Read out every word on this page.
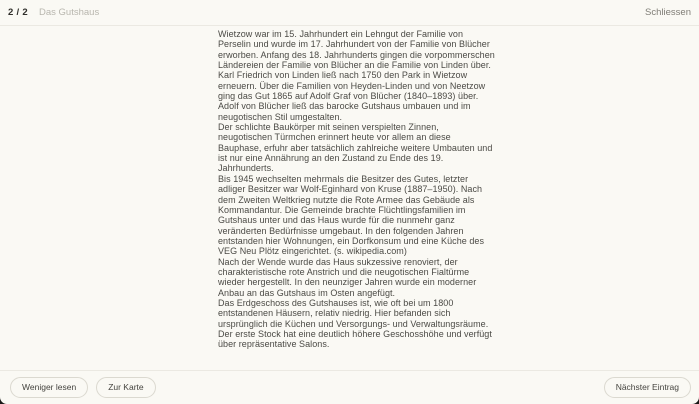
2 / 2 Das Gutshaus	Schliessen

Wietzow war im 15. Jahrhundert ein Lehngut der Familie von Perselin und wurde im 17. Jahrhundert von der Familie von Blücher erworben. Anfang des 18. Jahrhunderts gingen die vorpommerschen Ländereien der Familie von Blücher an die Familie von Linden über. Karl Friedrich von Linden ließ nach 1750 den Park in Wietzow erneuern. Über die Familien von Heyden-Linden und von Neetzow ging das Gut 1865 auf Adolf Graf von Blücher (1840–1893) über. Adolf von Blücher ließ das barocke Gutshaus umbauen und im neugotischen Stil umgestalten.

Der schlichte Baukörper mit seinen verspielten Zinnen, neugotischen Türmchen erinnert heute vor allem an diese Bauphase, erfuhr aber tatsächlich zahlreiche weitere Umbauten und ist nur eine Annährung an den Zustand zu Ende des 19. Jahrhunderts.

Bis 1945 wechselten mehrmals die Besitzer des Gutes, letzter adliger Besitzer war Wolf-Eginhard von Kruse (1887–1950). Nach dem Zweiten Weltkrieg nutzte die Rote Armee das Gebäude als Kommandantur. Die Gemeinde brachte Flüchtlingsfamilien im Gutshaus unter und das Haus wurde für die nunmehr ganz veränderten Bedürfnisse umgebaut. In den folgenden Jahren entstanden hier Wohnungen, ein Dorfkonsum und eine Küche des VEG Neu Plötz eingerichtet. (s. wikipedia.com)

Nach der Wende wurde das Haus sukzessive renoviert, der charakteristische rote Anstrich und die neugotischen Fialtürme wieder hergestellt. In den neunziger Jahren wurde ein moderner Anbau an das Gutshaus im Osten angefügt.

Das Erdgeschoss des Gutshauses ist, wie oft bei um 1800 entstandenen Häusern, relativ niedrig. Hier befanden sich ursprünglich die Küchen und Versorgungs- und Verwaltungsräume. Der erste Stock hat eine deutlich höhere Geschosshöhe und verfügt über repräsentative Salons.

Weniger lesen	Zur Karte	Nächster Eintrag
